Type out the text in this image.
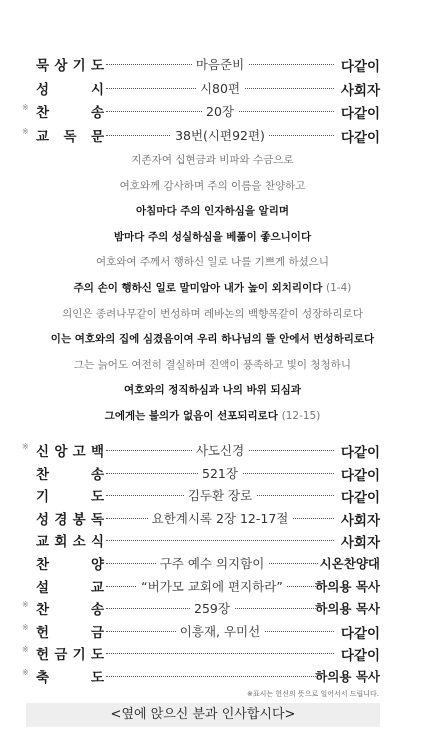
묵 상 기 도	마음준비	다같이
성	시	시80편	사회자
※ 찬	송	20장	다같이
※ 교 독 문	38번(시편92편)	다같이
지존자여 십현금과 비파와 수금으로
여호와께 감사하며 주의 이름을 찬양하고
아침마다 주의 인자하심을 알리며
밤마다 주의 성실하심을 베풂이 좋으니이다
여호와여 주께서 행하신 일로 나를 기쁘게 하셨으니
주의 손이 행하신 일로 말미암아 내가 높이 외치리이다 (1-4)
의인은 종려나무같이 번성하며 레바논의 백향목같이 성장하리로다
이는 여호와의 집에 심겼음이여 우리 하나님의 뜰 안에서 번성하리로다
그는 늙어도 여전히 결실하며 진액이 풍족하고 빛이 청청하니
여호와의 정직하심과 나의 바위 되심과
그에게는 불의가 없음이 선포되리로다 (12-15)
※ 신 앙 고 백	사도신경	다같이
찬	송	521장	다같이
기	도	김두환 장로	다같이
성 경 봉 독	요한계시록 2장 12-17절	사회자
교 회 소 식	사회자
찬	양	구주 예수 의지함이	시온찬양대
설	교	“버가모 교회에 편지하라”	하의용 목사
※ 찬	송	259장	하의용 목사
※ 헌	금	이흥재, 우미선	다같이
※ 헌 금 기 도	다같이
※ 축	도	하의용 목사
※표시는 헌신의 뜻으로 일어서서 드립니다.
<옆에 앉으신 분과 인사합시다>
